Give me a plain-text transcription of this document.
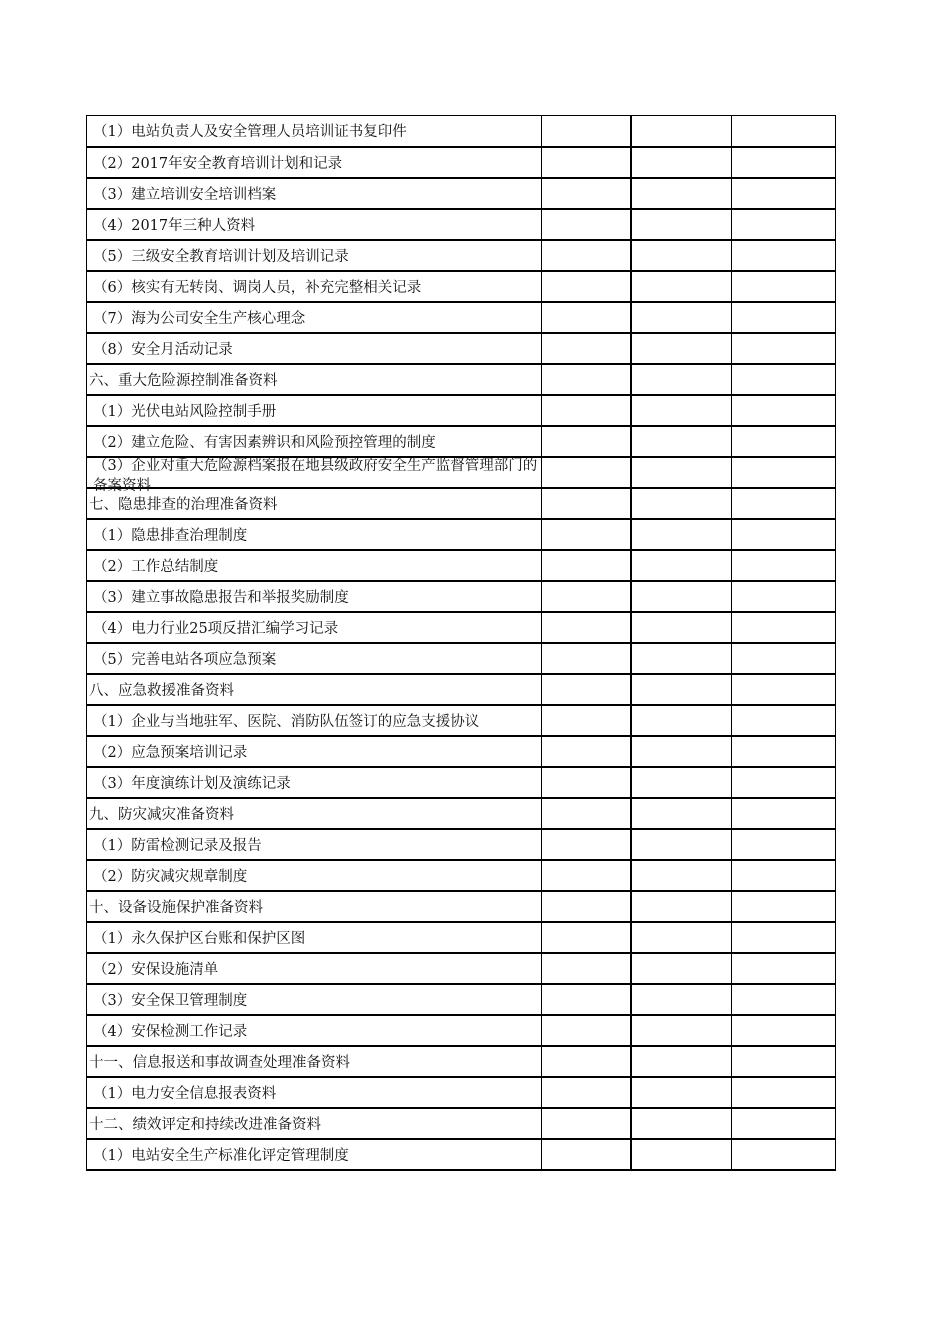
（1）电站负责人及安全管理人员培训证书复印件			
（2）2017年安全教育培训计划和记录			
（3）建立培训安全培训档案			
（4）2017年三种人资料			
（5）三级安全教育培训计划及培训记录			
（6）核实有无转岗、调岗人员，补充完整相关记录			
（7）海为公司安全生产核心理念			
（8）安全月活动记录			
六、重大危险源控制准备资料			
（1）光伏电站风险控制手册			
（2）建立危险、有害因素辨识和风险预控管理的制度			

（3）企业对重大危险源档案报在地县级政府安全生产监督管理部门的备案资料			

七、隐患排查的治理准备资料			
（1）隐患排查治理制度			
（2）工作总结制度			
（3）建立事故隐患报告和举报奖励制度			
（4）电力行业25项反措汇编学习记录			
（5）完善电站各项应急预案			
八、应急救援准备资料			
（1）企业与当地驻军、医院、消防队伍签订的应急支援协议			
（2）应急预案培训记录			
（3）年度演练计划及演练记录			
九、防灾减灾准备资料			
（1）防雷检测记录及报告			
（2）防灾减灾规章制度			
十、设备设施保护准备资料			
（1）永久保护区台账和保护区图			
（2）安保设施清单			
（3）安全保卫管理制度			
（4）安保检测工作记录			
十一、信息报送和事故调查处理准备资料			
（1）电力安全信息报表资料			
十二、绩效评定和持续改进准备资料			
（1）电站安全生产标准化评定管理制度			
